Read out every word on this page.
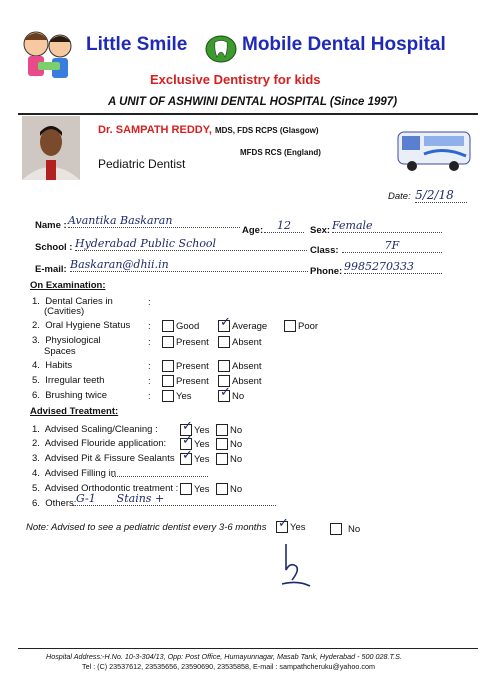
Little Smile	Mobile Dental Hospital
Exclusive Dentistry for kids
A UNIT OF ASHWINI DENTAL HOSPITAL (Since 1997)
Dr. SAMPATH REDDY, MDS, FDS RCPS (Glasgow)
MFDS RCS (England)
Pediatric Dentist
Date: 5/2/18
Name : Avantika Baskaran
Age:	12	Sex: Female
School : Hyderabad Public School
Class:	7F
E-mail: Baskaran@dhii.in
Phone: 9985270333
On Examination:
1. Dental Caries in
(Cavities)
:
2. Oral Hygiene Status :	Good ✓ Average	Poor
3. Physiological
Spaces
:	Present Absent
4. Habits	:	Present Absent
5. Irregular teeth	:	Present Absent
6. Brushing twice	:	Yes ✓ No
Advised Treatment:
1. Advised Scaling/Cleaning : ✓ Yes No
2. Advised Flouride application: ✓ Yes No
3. Advised Pit & Fissure Sealants ✓ Yes No
4. Advised Filling in
5. Advised Orthodontic treatment : Yes No
6. Others: G-1      Stains +
Note: Advised to see a pediatric dentist every 3-6 months ✓ Yes	No
Hospital Address:-H.No. 10-3-304/13, Opp: Post Office, Humayunnagar, Masab Tank, Hyderabad - 500 028.T.S.
Tel : (C) 23537612, 23535656, 23590690, 23535858, E-mail : sampathcheruku@yahoo.com
